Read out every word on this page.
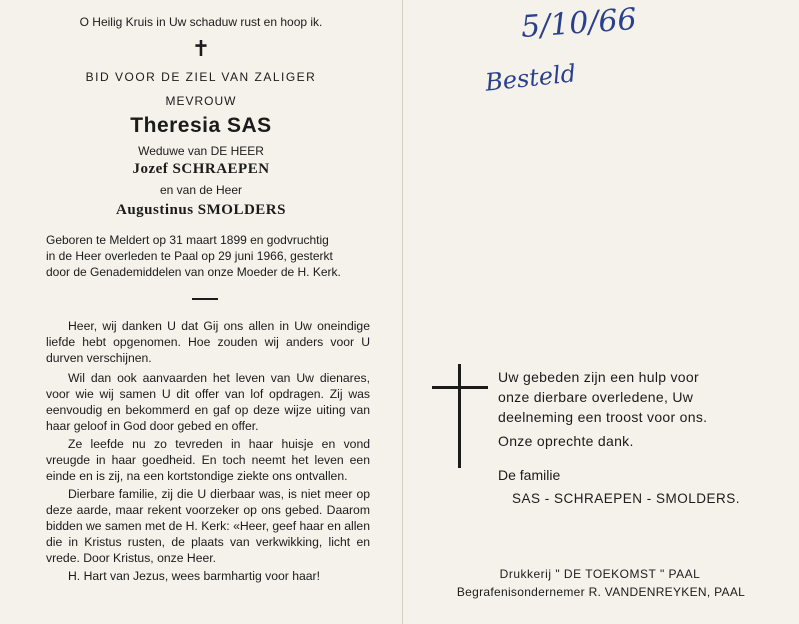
O Heilig Kruis in Uw schaduw rust en hoop ik.
✝
BID VOOR DE ZIEL VAN ZALIGER
MEVROUW
Theresia SAS
Weduwe van DE HEER
Jozef SCHRAEPEN
en van de Heer
Augustinus SMOLDERS
Geboren te Meldert op 31 maart 1899 en godvruchtig
in de Heer overleden te Paal op 29 juni 1966, gesterkt
door de Genademiddelen van onze Moeder de H. Kerk.

Heer, wij danken U dat Gij ons allen in Uw oneindige liefde hebt opgenomen. Hoe zouden wij anders voor U durven verschijnen.

Wil dan ook aanvaarden het leven van Uw dienares, voor wie wij samen U dit offer van lof opdragen. Zij was eenvoudig en bekommerd en gaf op deze wijze uiting van haar geloof in God door gebed en offer.

Ze leefde nu zo tevreden in haar huisje en vond vreugde in haar goedheid. En toch neemt het leven een einde en is zij, na een kortstondige ziekte ons ontvallen.

Dierbare familie, zij die U dierbaar was, is niet meer op deze aarde, maar rekent voorzeker op ons gebed. Daarom bidden we samen met de H. Kerk: «Heer, geef haar en allen die in Kristus rusten, de plaats van verkwikking, licht en vrede. Door Kristus, onze Heer.

H. Hart van Jezus, wees barmhartig voor haar!

5/10/66
Besteld
Uw gebeden zijn een hulp voor
onze dierbare overledene, Uw
deelneming een troost voor ons.
Onze oprechte dank.
De familie
SAS - SCHRAEPEN - SMOLDERS.
Drukkerij " DE TOEKOMST " PAAL
Begrafenisondernemer R. VANDENREYKEN, PAAL
